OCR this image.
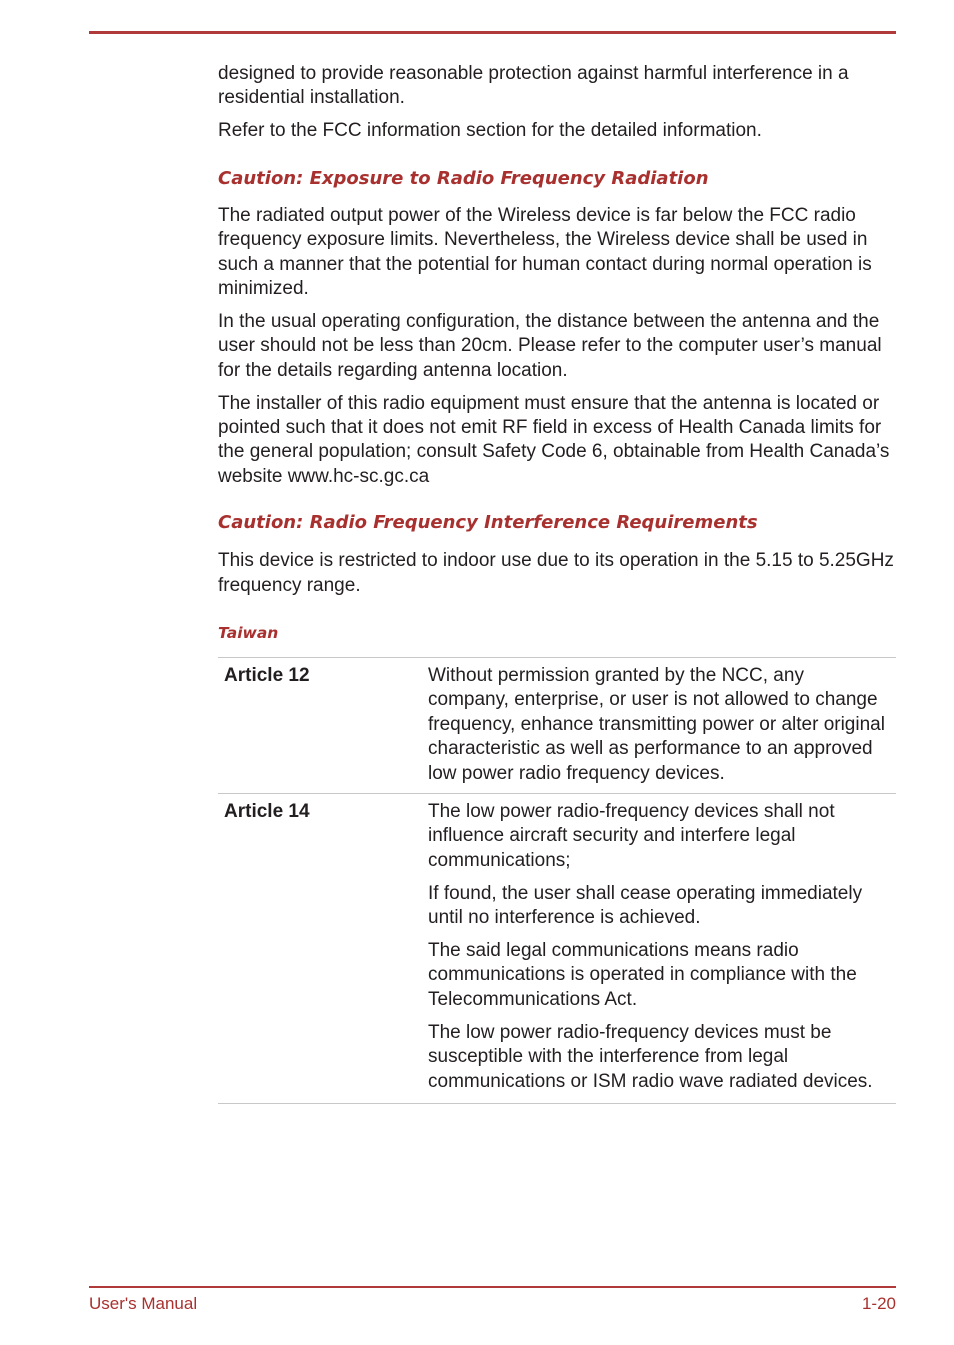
designed to provide reasonable protection against harmful interference in a residential installation.

Refer to the FCC information section for the detailed information.

Caution: Exposure to Radio Frequency Radiation

The radiated output power of the Wireless device is far below the FCC radio frequency exposure limits. Nevertheless, the Wireless device shall be used in such a manner that the potential for human contact during normal operation is minimized.

In the usual operating configuration, the distance between the antenna and the user should not be less than 20cm. Please refer to the computer user’s manual for the details regarding antenna location.

The installer of this radio equipment must ensure that the antenna is located or pointed such that it does not emit RF field in excess of Health Canada limits for the general population; consult Safety Code 6, obtainable from Health Canada’s website www.hc-sc.gc.ca

Caution: Radio Frequency Interference Requirements

This device is restricted to indoor use due to its operation in the 5.15 to 5.25GHz frequency range.

Taiwan
Article 12	Without permission granted by the NCC, any company, enterprise, or user is not allowed to change frequency, enhance transmitting power or alter original characteristic as well as performance to an approved low power radio frequency devices.

Article 14	The low power radio-frequency devices shall not influence aircraft security and interfere legal communications;

If found, the user shall cease operating immediately until no interference is achieved.

The said legal communications means radio communications is operated in compliance with the Telecommunications Act.

The low power radio-frequency devices must be susceptible with the interference from legal communications or ISM radio wave radiated devices.

User's Manual	1-20
